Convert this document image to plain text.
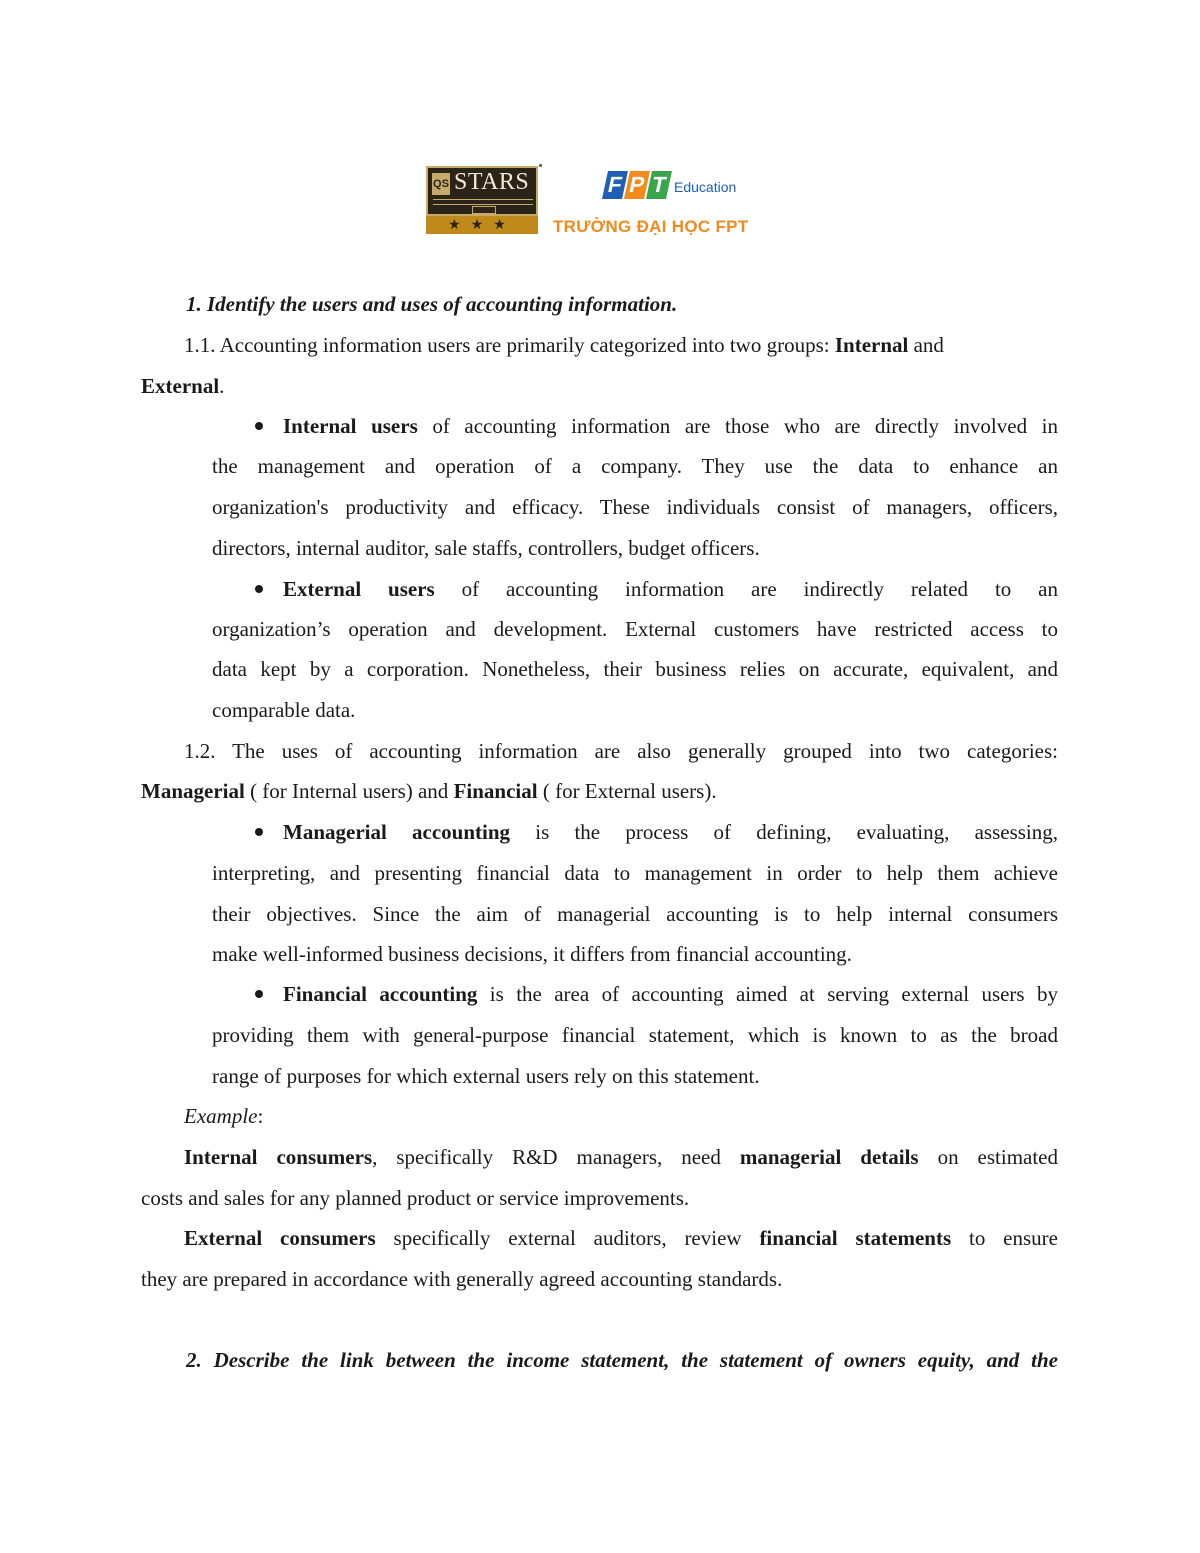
QS STARS
★★★
F P T Education
TRƯỜNG ĐẠI HỌC FPT
1. Identify the users and uses of accounting information.
1.1. Accounting information users are primarily categorized into two groups: Internal and
External.
Internal users of accounting information are those who are directly involved in
the management and operation of a company. They use the data to enhance an
organization's productivity and efficacy. These individuals consist of managers, officers,
directors, internal auditor, sale staffs, controllers, budget officers.
External users of accounting information are indirectly related to an
organization’s operation and development. External customers have restricted access to
data kept by a corporation. Nonetheless, their business relies on accurate, equivalent, and
comparable data.
1.2. The uses of accounting information are also generally grouped into two categories:
Managerial ( for Internal users) and Financial ( for External users).
Managerial accounting is the process of defining, evaluating, assessing,
interpreting, and presenting financial data to management in order to help them achieve
their objectives. Since the aim of managerial accounting is to help internal consumers
make well-informed business decisions, it differs from financial accounting.
Financial accounting is the area of accounting aimed at serving external users by
providing them with general-purpose financial statement, which is known to as the broad
range of purposes for which external users rely on this statement.
Example:
Internal consumers, specifically R&D managers, need managerial details on estimated
costs and sales for any planned product or service improvements.
External consumers specifically external auditors, review financial statements to ensure
they are prepared in accordance with generally agreed accounting standards.
2. Describe the link between the income statement, the statement of owners equity, and the
